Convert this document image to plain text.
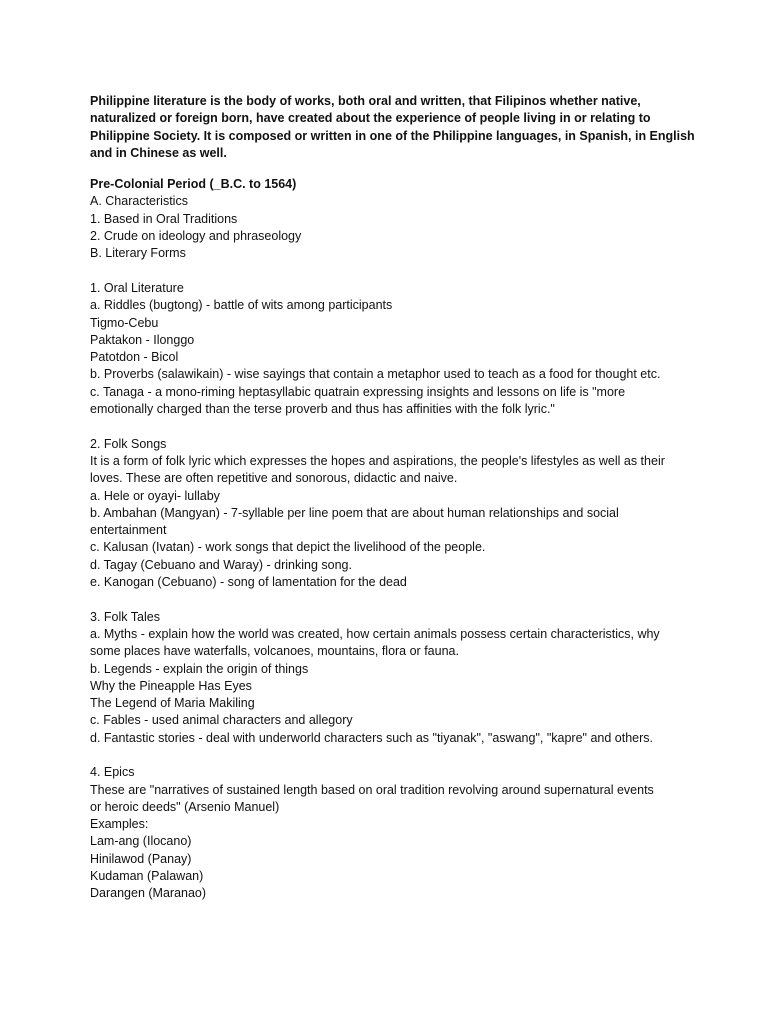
Philippine literature is the body of works, both oral and written, that Filipinos whether native,
naturalized or foreign born, have created about the experience of people living in or relating to
Philippine Society. It is composed or written in one of the Philippine languages, in Spanish, in English
and in Chinese as well.
Pre-Colonial Period (_B.C. to 1564)
A. Characteristics
1. Based in Oral Traditions
2. Crude on ideology and phraseology
B. Literary Forms
1. Oral Literature
a. Riddles (bugtong) - battle of wits among participants
Tigmo-Cebu
Paktakon - Ilonggo
Patotdon - Bicol
b. Proverbs (salawikain) - wise sayings that contain a metaphor used to teach as a food for thought etc.
c. Tanaga - a mono-riming heptasyllabic quatrain expressing insights and lessons on life is "more
emotionally charged than the terse proverb and thus has affinities with the folk lyric."
2. Folk Songs
It is a form of folk lyric which expresses the hopes and aspirations, the people's lifestyles as well as their
loves. These are often repetitive and sonorous, didactic and naive.
a. Hele or oyayi- lullaby
b. Ambahan (Mangyan) - 7-syllable per line poem that are about human relationships and social
entertainment
c. Kalusan (Ivatan) - work songs that depict the livelihood of the people.
d. Tagay (Cebuano and Waray) - drinking song.
e. Kanogan (Cebuano) - song of lamentation for the dead
3. Folk Tales
a. Myths - explain how the world was created, how certain animals possess certain characteristics, why
some places have waterfalls, volcanoes, mountains, flora or fauna.
b. Legends - explain the origin of things
Why the Pineapple Has Eyes
The Legend of Maria Makiling
c. Fables - used animal characters and allegory
d. Fantastic stories - deal with underworld characters such as "tiyanak", "aswang", "kapre" and others.
4. Epics
These are "narratives of sustained length based on oral tradition revolving around supernatural events
or heroic deeds" (Arsenio Manuel)
Examples:
Lam-ang (Ilocano)
Hinilawod (Panay)
Kudaman (Palawan)
Darangen (Maranao)
